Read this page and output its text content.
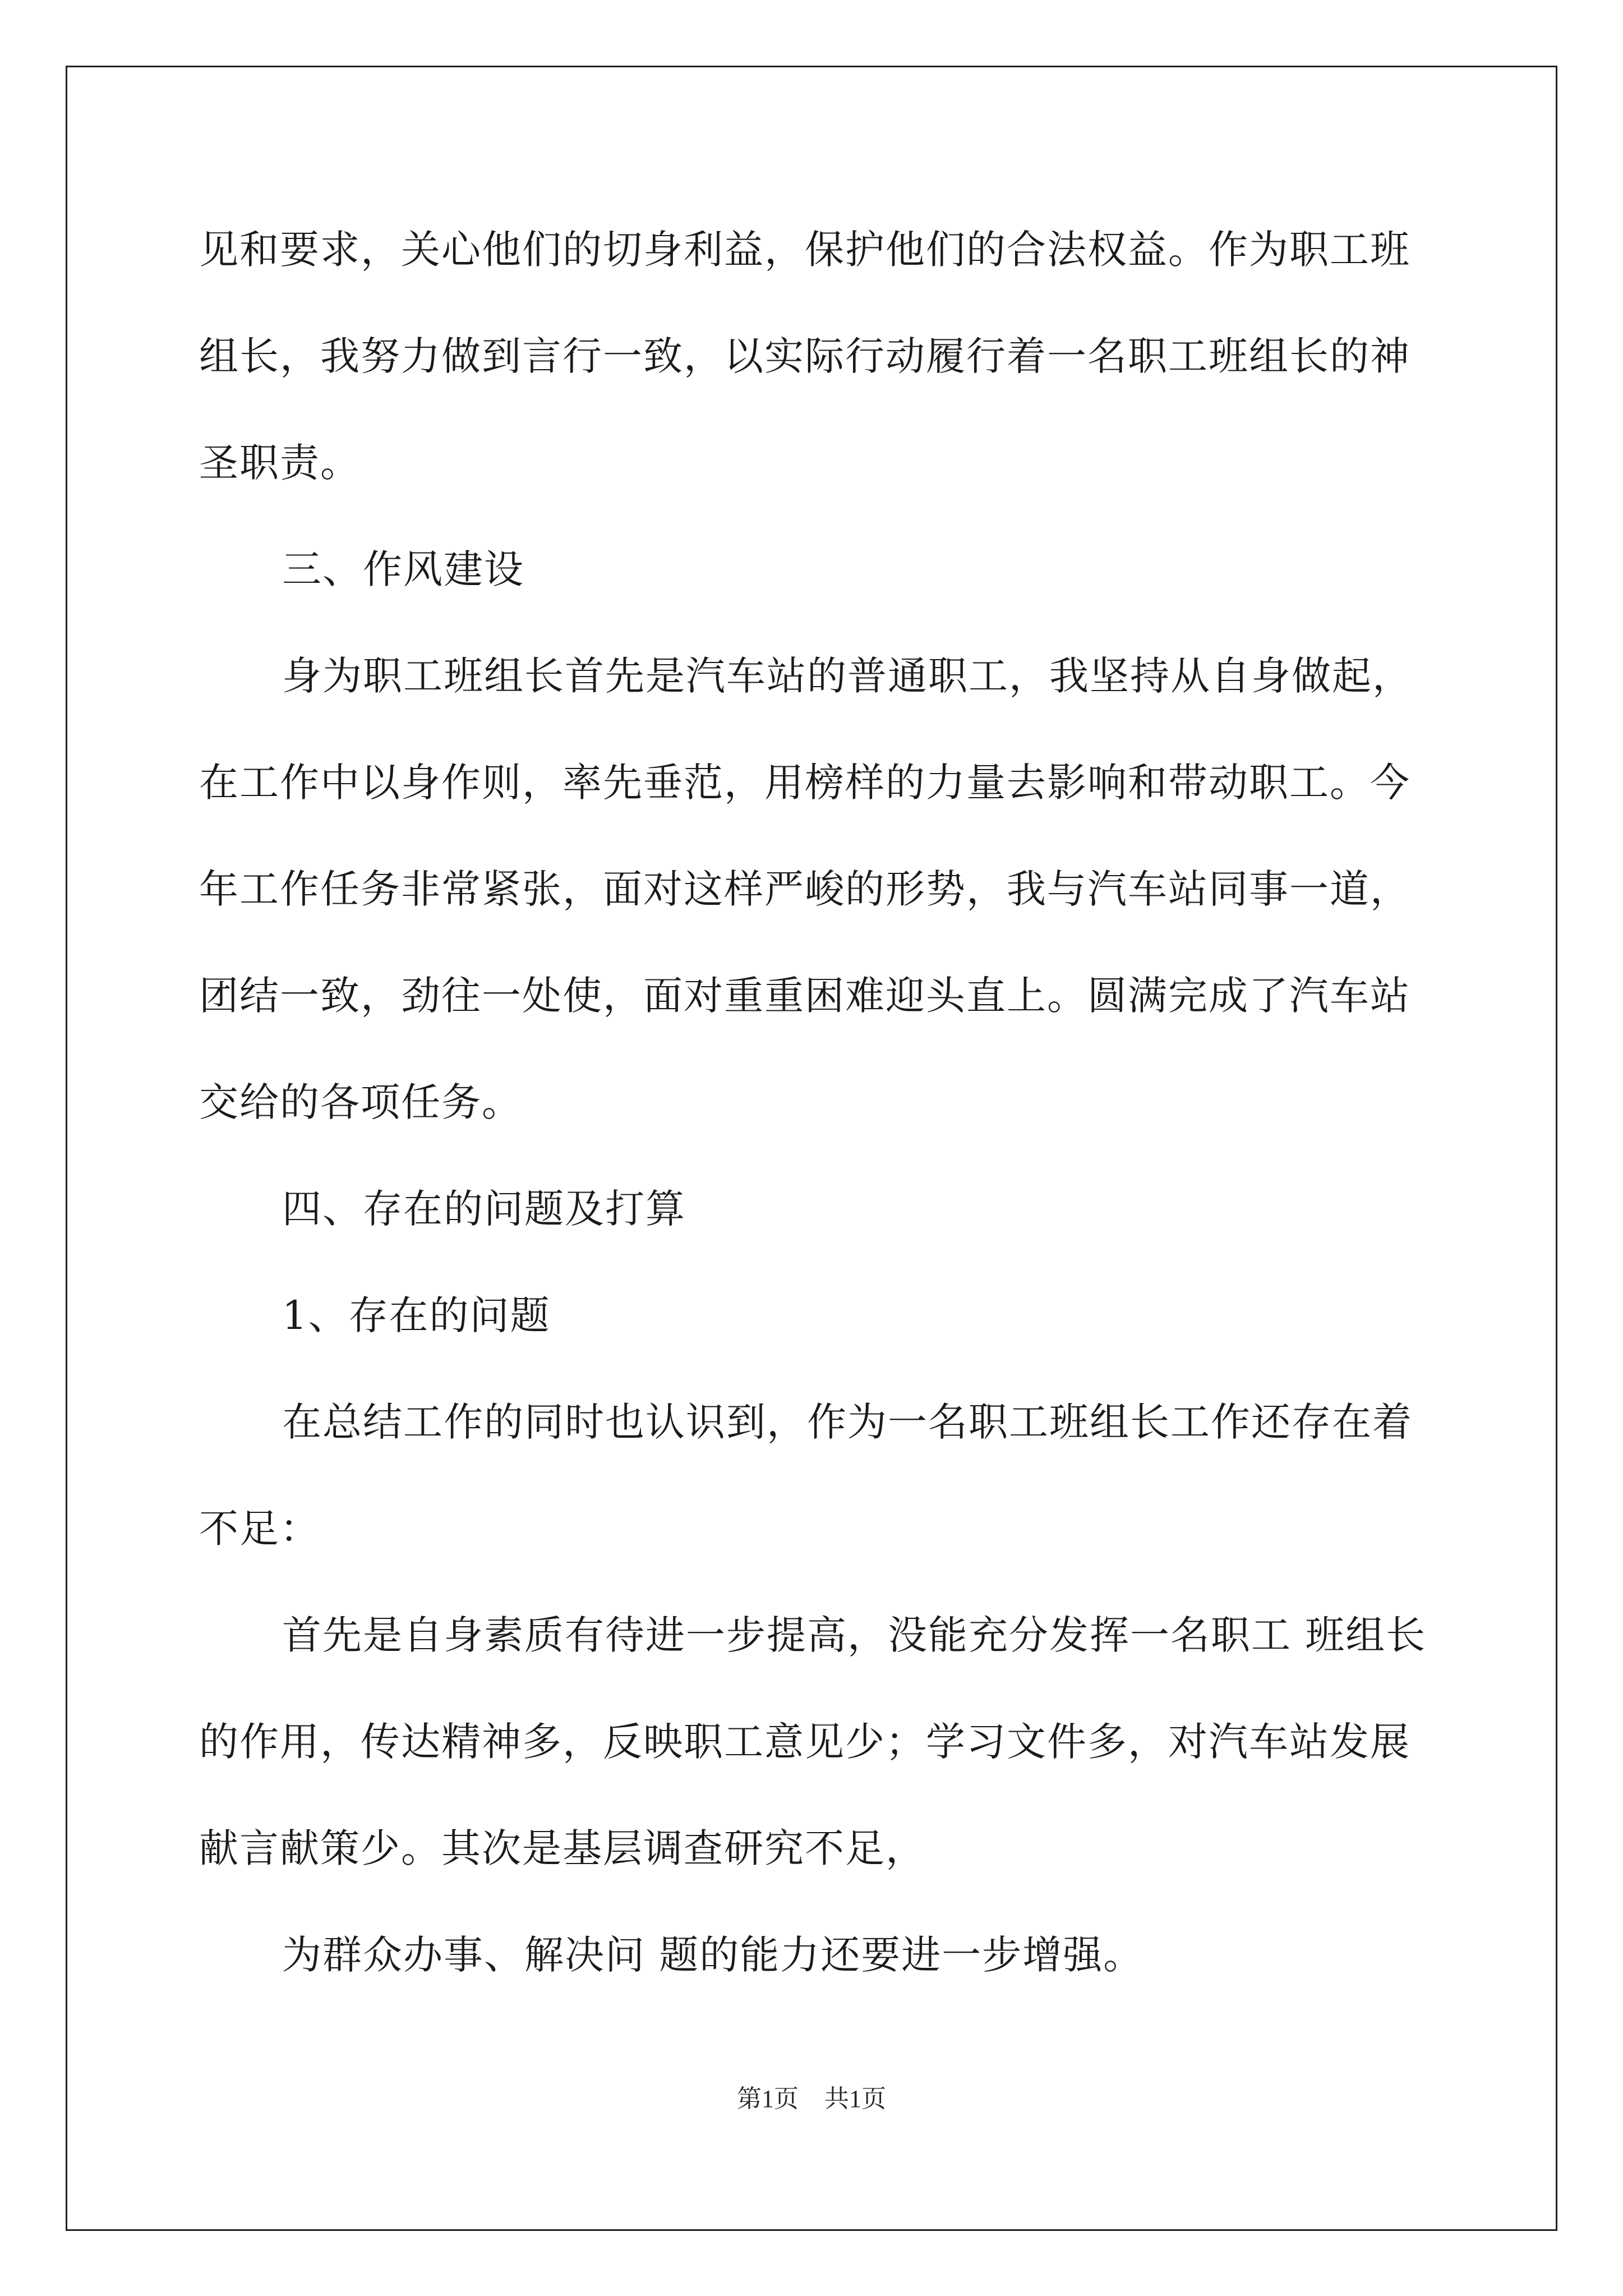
见和要求，关心他们的切身利益，保护他们的合法权益。作为职工班
组长，我努力做到言行一致，以实际行动履行着一名职工班组长的神
圣职责。
三、作风建设
身为职工班组长首先是汽车站的普通职工，我坚持从自身做起，
在工作中以身作则，率先垂范，用榜样的力量去影响和带动职工。今
年工作任务非常紧张，面对这样严峻的形势，我与汽车站同事一道，
团结一致，劲往一处使，面对重重困难迎头直上。圆满完成了汽车站
交给的各项任务。
四、存在的问题及打算
1、存在的问题
在总结工作的同时也认识到，作为一名职工班组长工作还存在着
不足：
首先是自身素质有待进一步提高，没能充分发挥一名职工 班组长
的作用，传达精神多，反映职工意见少；学习文件多，对汽车站发展
献言献策少。其次是基层调查研究不足，
为群众办事、解决问 题的能力还要进一步增强。
第1页 共1页
